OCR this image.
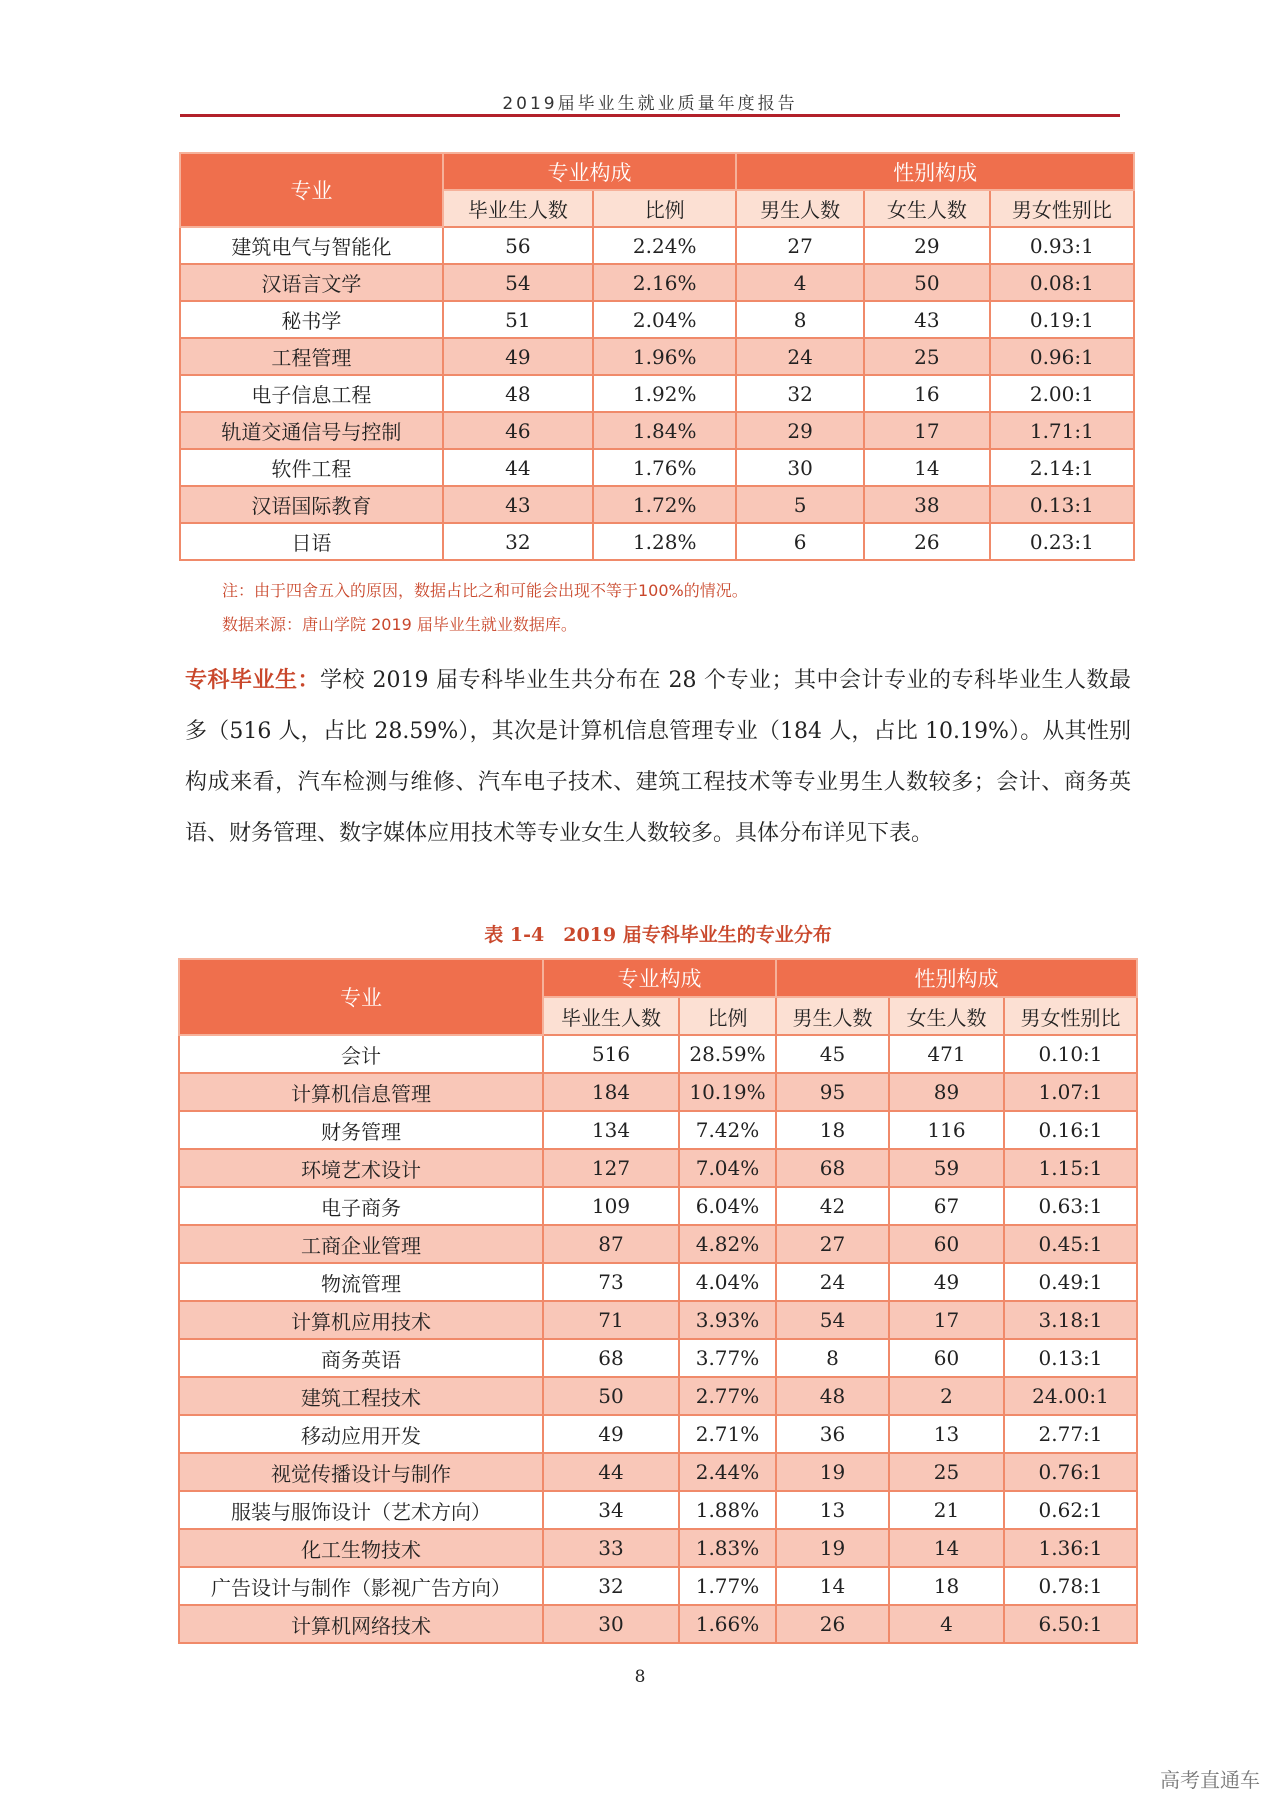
2019届毕业生就业质量年度报告
专业	专业构成		性别构成		
	毕业生人数	比例	男生人数	女生人数	男女性别比
建筑电气与智能化	56	2.24%	27	29	0.93:1
汉语言文学	54	2.16%	4	50	0.08:1
秘书学	51	2.04%	8	43	0.19:1
工程管理	49	1.96%	24	25	0.96:1
电子信息工程	48	1.92%	32	16	2.00:1
轨道交通信号与控制	46	1.84%	29	17	1.71:1
软件工程	44	1.76%	30	14	2.14:1
汉语国际教育	43	1.72%	5	38	0.13:1
日语	32	1.28%	6	26	0.23:1
注：由于四舍五入的原因，数据占比之和可能会出现不等于100%的情况。
数据来源：唐山学院 2019 届毕业生就业数据库。
专科毕业生：学校 2019 届专科毕业生共分布在 28 个专业；其中会计专业的专科毕业生人数最多（516 人，占比 28.59%），其次是计算机信息管理专业（184 人，占比 10.19%）。从其性别构成来看，汽车检测与维修、汽车电子技术、建筑工程技术等专业男生人数较多；会计、商务英语、财务管理、数字媒体应用技术等专业女生人数较多。具体分布详见下表。
表 1-4　2019 届专科毕业生的专业分布
专业	专业构成		性别构成		
	毕业生人数	比例	男生人数	女生人数	男女性别比
会计	516	28.59%	45	471	0.10:1
计算机信息管理	184	10.19%	95	89	1.07:1
财务管理	134	7.42%	18	116	0.16:1
环境艺术设计	127	7.04%	68	59	1.15:1
电子商务	109	6.04%	42	67	0.63:1
工商企业管理	87	4.82%	27	60	0.45:1
物流管理	73	4.04%	24	49	0.49:1
计算机应用技术	71	3.93%	54	17	3.18:1
商务英语	68	3.77%	8	60	0.13:1
建筑工程技术	50	2.77%	48	2	24.00:1
移动应用开发	49	2.71%	36	13	2.77:1
视觉传播设计与制作	44	2.44%	19	25	0.76:1
服装与服饰设计（艺术方向）	34	1.88%	13	21	0.62:1
化工生物技术	33	1.83%	19	14	1.36:1
广告设计与制作（影视广告方向）	32	1.77%	14	18	0.78:1
计算机网络技术	30	1.66%	26	4	6.50:1
8
高考直通车
